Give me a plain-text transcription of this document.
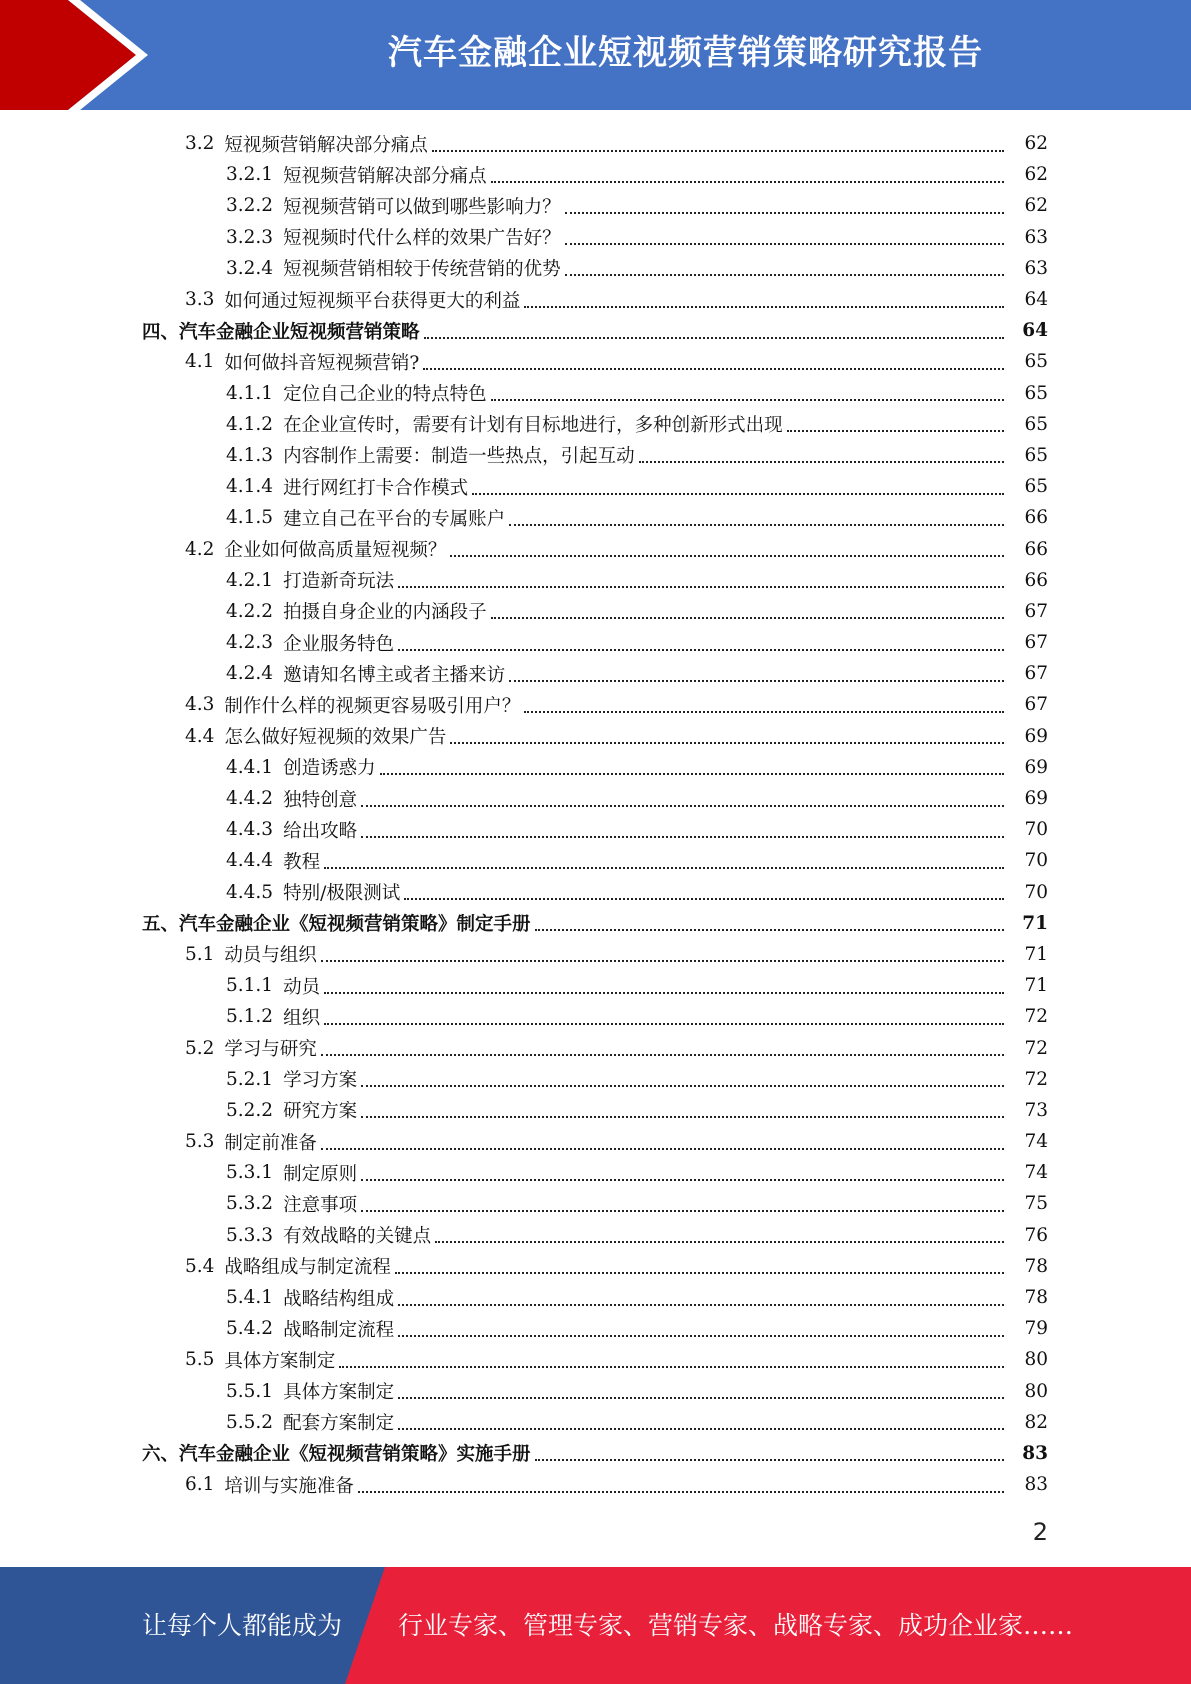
汽车金融企业短视频营销策略研究报告
3.2 短视频营销解决部分痛点	62
3.2.1 短视频营销解决部分痛点	62
3.2.2 短视频营销可以做到哪些影响力？	62
3.2.3 短视频时代什么样的效果广告好？	63
3.2.4 短视频营销相较于传统营销的优势	63
3.3 如何通过短视频平台获得更大的利益	64
四、 汽车金融企业短视频营销策略	64
4.1 如何做抖音短视频营销?	65
4.1.1 定位自己企业的特点特色	65
4.1.2 在企业宣传时，需要有计划有目标地进行，多种创新形式出现	65
4.1.3 内容制作上需要：制造一些热点，引起互动	65
4.1.4 进行网红打卡合作模式	65
4.1.5 建立自己在平台的专属账户	66
4.2 企业如何做高质量短视频？	66
4.2.1 打造新奇玩法	66
4.2.2 拍摄自身企业的内涵段子	67
4.2.3 企业服务特色	67
4.2.4 邀请知名博主或者主播来访	67
4.3 制作什么样的视频更容易吸引用户？	67
4.4 怎么做好短视频的效果广告	69
4.4.1 创造诱惑力	69
4.4.2 独特创意	69
4.4.3 给出攻略	70
4.4.4 教程	70
4.4.5 特别/极限测试	70
五、 汽车金融企业《短视频营销策略》制定手册	71
5.1 动员与组织	71
5.1.1 动员	71
5.1.2 组织	72
5.2 学习与研究	72
5.2.1 学习方案	72
5.2.2 研究方案	73
5.3 制定前准备	74
5.3.1 制定原则	74
5.3.2 注意事项	75
5.3.3 有效战略的关键点	76
5.4 战略组成与制定流程	78
5.4.1 战略结构组成	78
5.4.2 战略制定流程	79
5.5 具体方案制定	80
5.5.1 具体方案制定	80
5.5.2 配套方案制定	82
六、 汽车金融企业《短视频营销策略》实施手册	83
6.1 培训与实施准备	83
2
让每个人都能成为 行业专家、管理专家、营销专家、战略专家、成功企业家……
